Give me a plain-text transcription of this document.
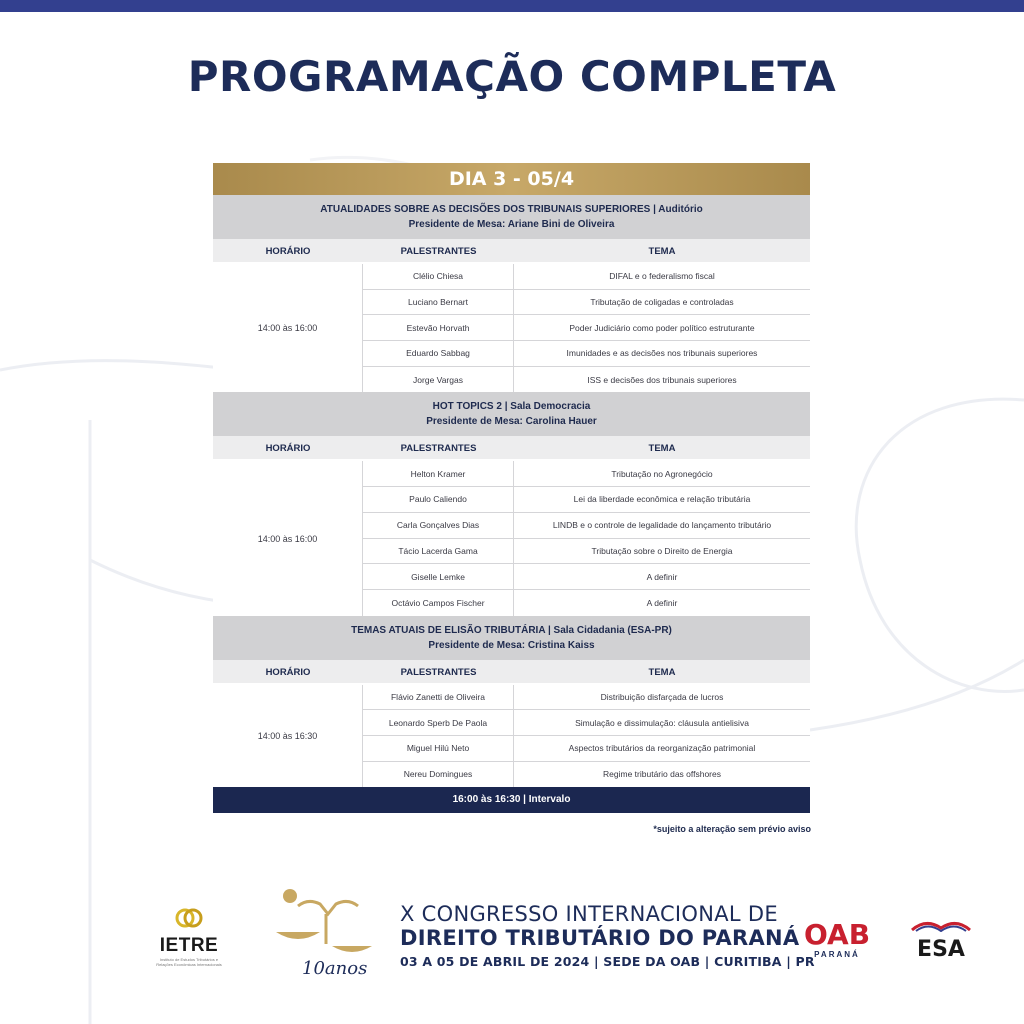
PROGRAMAÇÃO COMPLETA
DIA 3 - 05/4
ATUALIDADES SOBRE AS DECISÕES DOS TRIBUNAIS SUPERIORES | Auditório
Presidente de Mesa: Ariane Bini de Oliveira
HORÁRIO	PALESTRANTES	TEMA
14:00 às 16:00
Clélio Chiesa	DIFAL e o federalismo fiscal
Luciano Bernart	Tributação de coligadas e controladas
Estevão Horvath	Poder Judiciário como poder político estruturante
Eduardo Sabbag	Imunidades e as decisões nos tribunais superiores
Jorge Vargas	ISS e decisões dos tribunais superiores
HOT TOPICS 2 | Sala Democracia
Presidente de Mesa: Carolina Hauer
HORÁRIO	PALESTRANTES	TEMA
14:00 às 16:00
Helton Kramer	Tributação no Agronegócio
Paulo Caliendo	Lei da liberdade econômica e relação tributária
Carla Gonçalves Dias	LINDB e o controle de legalidade do lançamento tributário
Tácio Lacerda Gama	Tributação sobre o Direito de Energia
Giselle Lemke	A definir
Octávio Campos Fischer	A definir
TEMAS ATUAIS DE ELISÃO TRIBUTÁRIA | Sala Cidadania (ESA-PR)
Presidente de Mesa: Cristina Kaiss
HORÁRIO	PALESTRANTES	TEMA
14:00 às 16:30
Flávio Zanetti de Oliveira	Distribuição disfarçada de lucros
Leonardo Sperb De Paola	Simulação e dissimulação: cláusula antielisiva
Miguel Hilú Neto	Aspectos tributários da reorganização patrimonial
Nereu Domingues	Regime tributário das offshores
16:00 às 16:30 | Intervalo
*sujeito a alteração sem prévio aviso
IETRE
Instituto de Estudos Tributários e Relações Econômicas Internacionais	10anos
X CONGRESSO INTERNACIONAL DE
DIREITO TRIBUTÁRIO DO PARANÁ
03 A 05 DE ABRIL DE 2024 | SEDE DA OAB | CURITIBA | PR
OAB
PARANÁ	ESA
